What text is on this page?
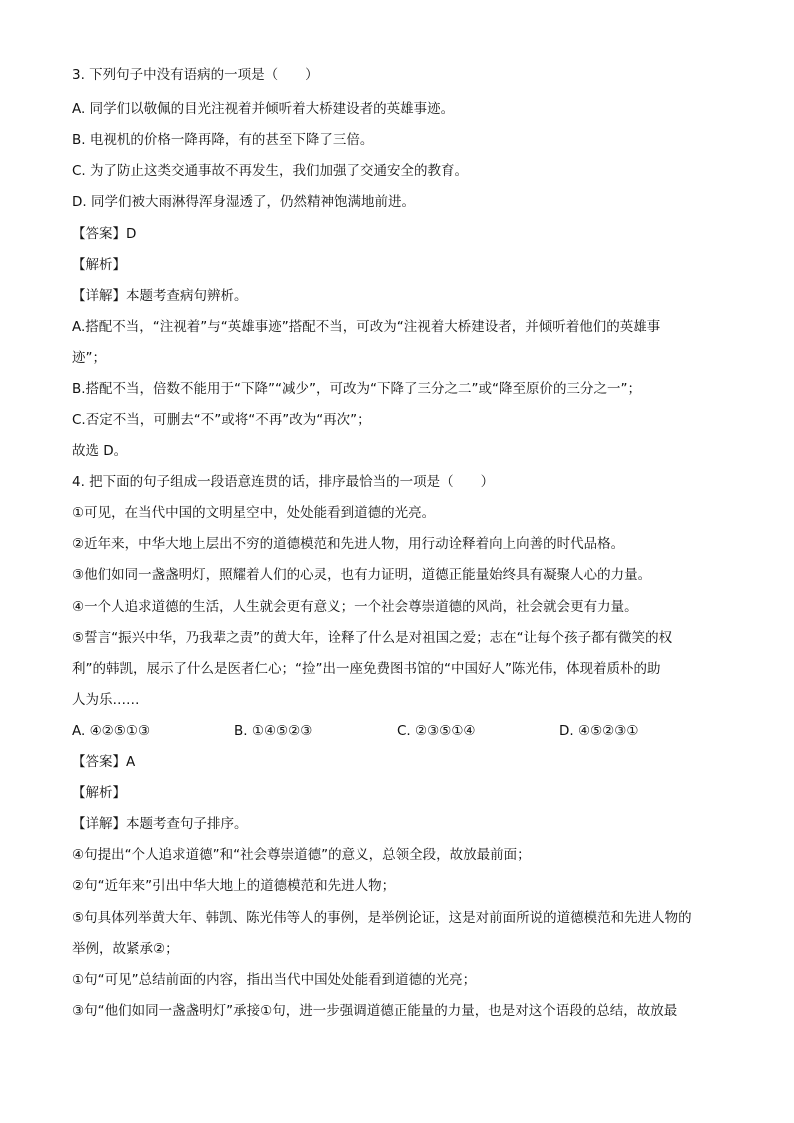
3. 下列句子中没有语病的一项是（　　）
A. 同学们以敬佩的目光注视着并倾听着大桥建设者的英雄事迹。
B. 电视机的价格一降再降，有的甚至下降了三倍。
C. 为了防止这类交通事故不再发生，我们加强了交通安全的教育。
D. 同学们被大雨淋得浑身湿透了，仍然精神饱满地前进。
【答案】D
【解析】
【详解】本题考查病句辨析。
A.搭配不当，“注视着”与“英雄事迹”搭配不当，可改为“注视着大桥建设者，并倾听着他们的英雄事
迹”；
B.搭配不当，倍数不能用于“下降”“减少”，可改为“下降了三分之二”或“降至原价的三分之一”；
C.否定不当，可删去“不”或将“不再”改为“再次”；
故选 D。
4. 把下面的句子组成一段语意连贯的话，排序最恰当的一项是（　　）
①可见，在当代中国的文明星空中，处处能看到道德的光亮。
②近年来，中华大地上层出不穷的道德模范和先进人物，用行动诠释着向上向善的时代品格。
③他们如同一盏盏明灯，照耀着人们的心灵，也有力证明，道德正能量始终具有凝聚人心的力量。
④一个人追求道德的生活，人生就会更有意义；一个社会尊崇道德的风尚，社会就会更有力量。
⑤誓言“振兴中华，乃我辈之责”的黄大年，诠释了什么是对祖国之爱；志在“让每个孩子都有微笑的权
利”的韩凯，展示了什么是医者仁心；“捡”出一座免费图书馆的“中国好人”陈光伟，体现着质朴的助
人为乐……
A. ④②⑤①③	B. ①④⑤②③	C. ②③⑤①④	D. ④⑤②③①
【答案】A
【解析】
【详解】本题考查句子排序。
④句提出“个人追求道德”和“社会尊崇道德”的意义，总领全段，故放最前面；
②句“近年来”引出中华大地上的道德模范和先进人物；
⑤句具体列举黄大年、韩凯、陈光伟等人的事例，是举例论证，这是对前面所说的道德模范和先进人物的
举例，故紧承②；
①句“可见”总结前面的内容，指出当代中国处处能看到道德的光亮；
③句“他们如同一盏盏明灯”承接①句，进一步强调道德正能量的力量，也是对这个语段的总结，故放最
